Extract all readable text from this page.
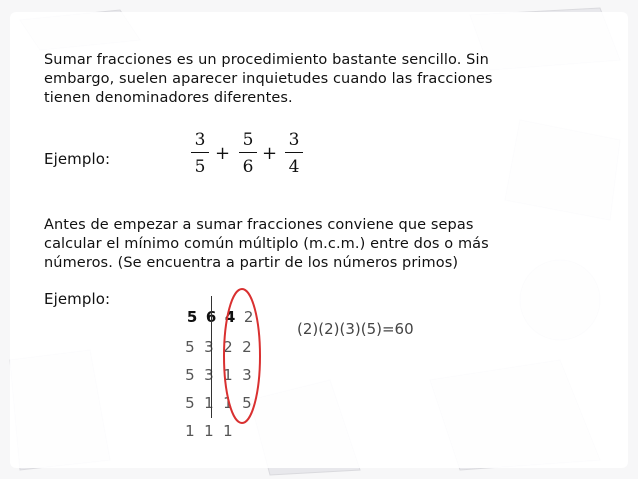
Sumar fracciones es un procedimiento bastante sencillo. Sin
embargo, suelen aparecer inquietudes cuando las fracciones
tienen denominadores diferentes.
Ejemplo:
3
5
+
5
6
+
3
4
Antes de empezar a sumar fracciones conviene que sepas
calcular el mínimo común múltiplo (m.c.m.) entre dos o más
números. (Se encuentra a partir de los números primos)
Ejemplo:

5 6 4 2

5 3 2 2

5 3 1 3

5 1 1 5

1 1 1

(2)(2)(3)(5)=60
